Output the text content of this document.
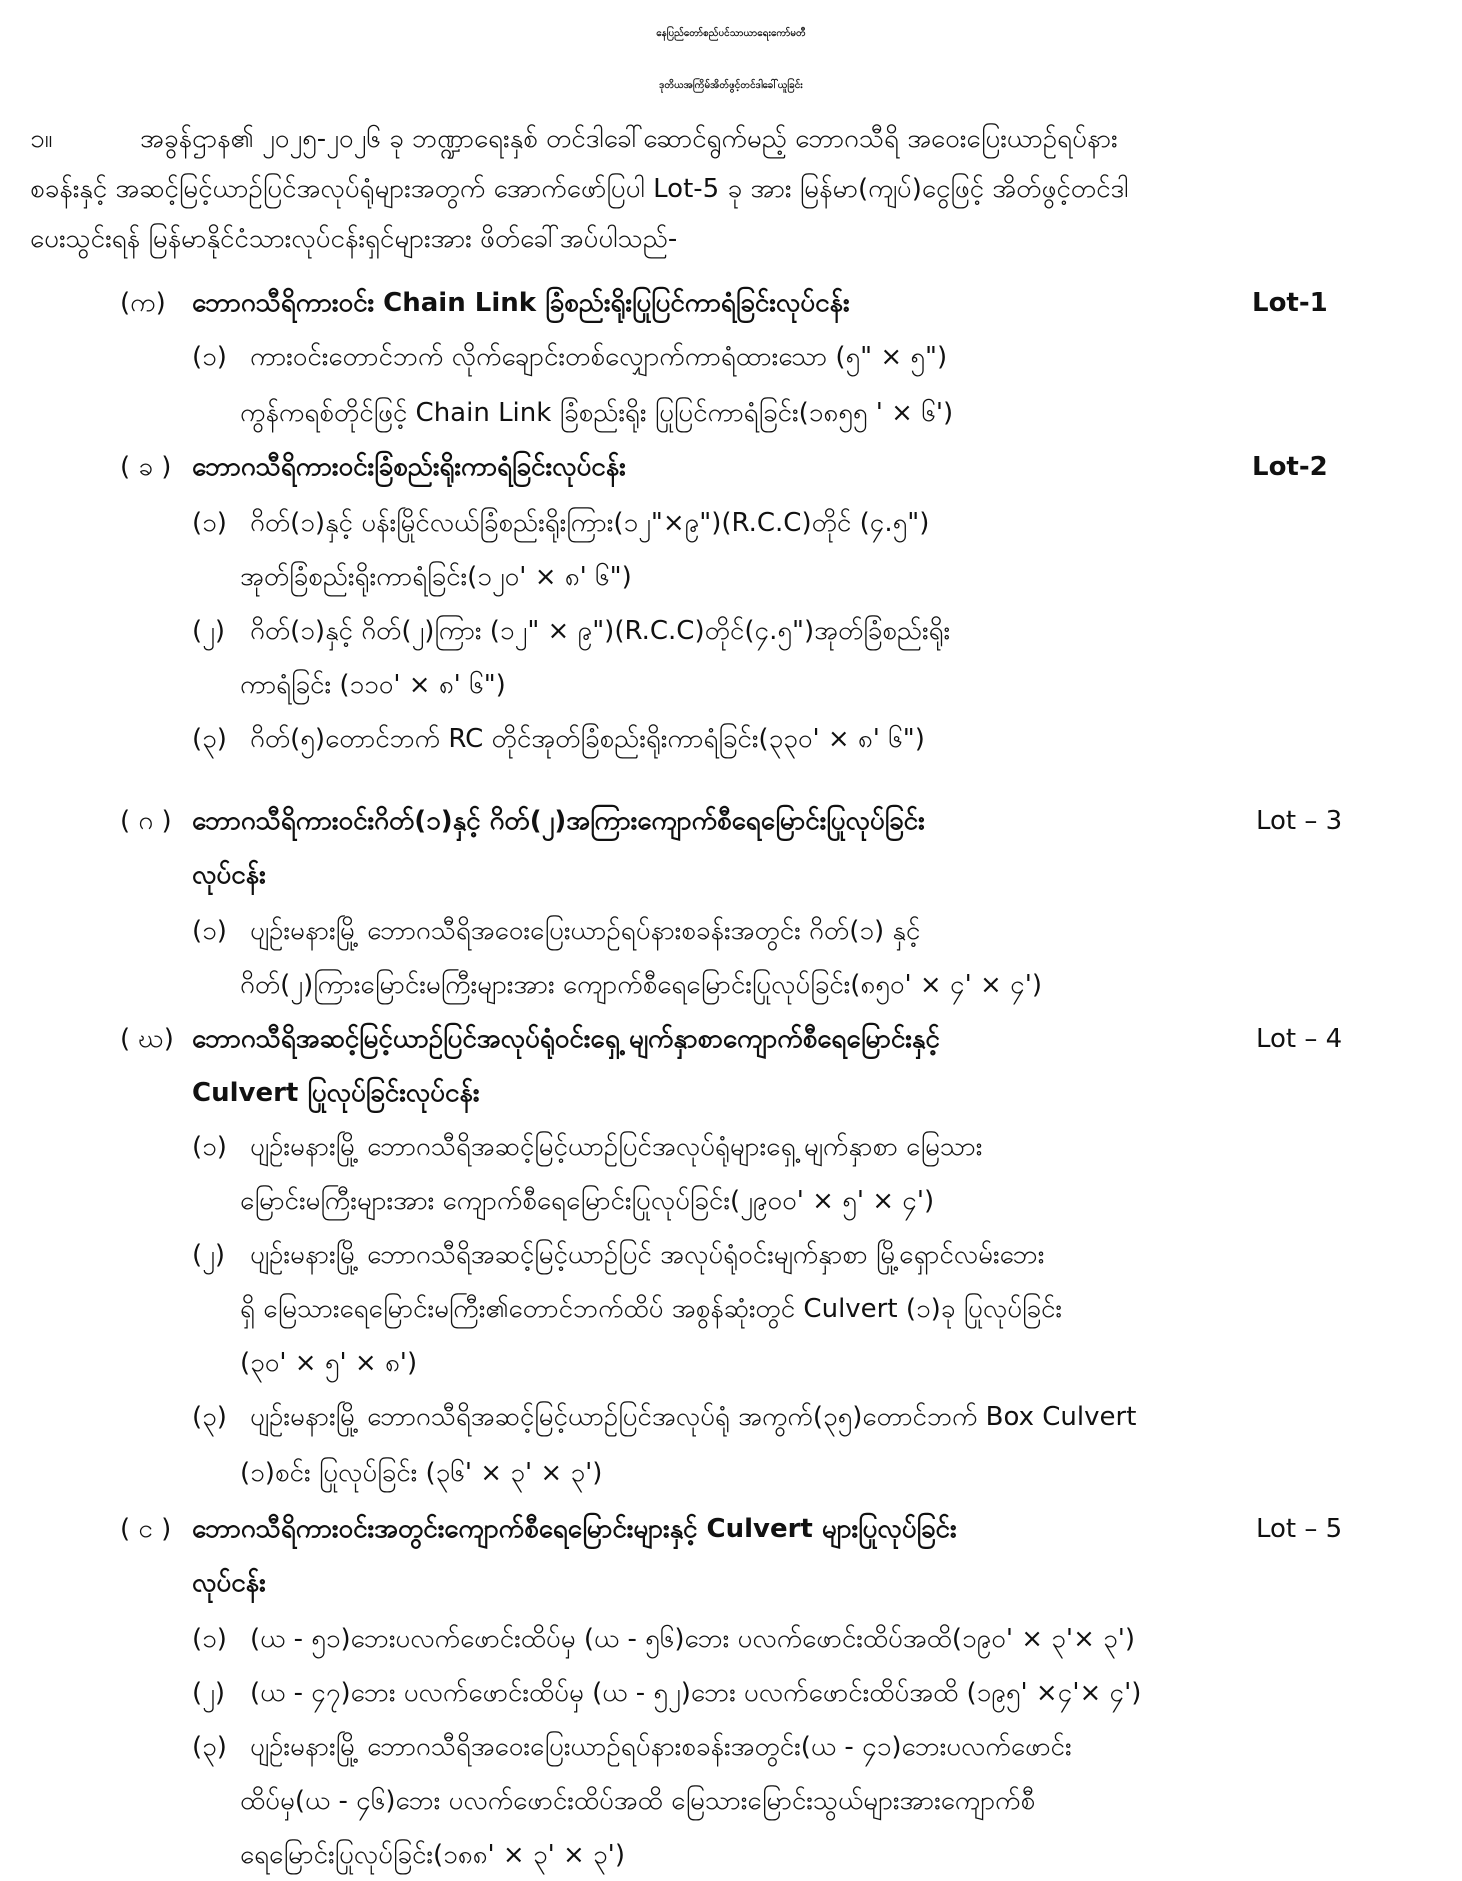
နေပြည်တော်စည်ပင်သာယာရေးကော်မတီ
ဒုတိယအကြိမ်အိတ်ဖွင့်တင်ဒါခေါ်ယူခြင်း
၁။	အခွန်ဌာန၏ ၂၀၂၅-၂၀၂၆ ခု ဘဏ္ဍာရေးနှစ် တင်ဒါခေါ်ဆောင်ရွက်မည့် ဘောဂသီရိ အဝေးပြေးယာဉ်ရပ်နား
စခန်းနှင့် အဆင့်မြင့်ယာဉ်ပြင်အလုပ်ရုံများအတွက် အောက်ဖော်ပြပါ Lot-5 ခု အား မြန်မာ(ကျပ်)ငွေဖြင့် အိတ်ဖွင့်တင်ဒါ
ပေးသွင်းရန် မြန်မာနိုင်ငံသားလုပ်ငန်းရှင်များအား ဖိတ်ခေါ်အပ်ပါသည်-
(က) ဘောဂသီရိကားဝင်း Chain Link ခြံစည်းရိုးပြုပြင်ကာရံခြင်းလုပ်ငန်း	Lot-1
(၁) ကားဝင်းတောင်ဘက် လိုက်ချောင်းတစ်လျှောက်ကာရံထားသော (၅" × ၅")
ကွန်ကရစ်တိုင်ဖြင့် Chain Link ခြံစည်းရိုး ပြုပြင်ကာရံခြင်း(၁၈၅၅ ' × ၆')
( ခ ) ဘောဂသီရိကားဝင်းခြံစည်းရိုးကာရံခြင်းလုပ်ငန်း	Lot-2
(၁) ဂိတ်(၁)နှင့် ပန်းမြိုင်လယ်ခြံစည်းရိုးကြား(၁၂"×၉")(R.C.C)တိုင် (၄.၅")
အုတ်ခြံစည်းရိုးကာရံခြင်း(၁၂၀' × ၈' ၆")
(၂) ဂိတ်(၁)နှင့် ဂိတ်(၂)ကြား (၁၂" × ၉")(R.C.C)တိုင်(၄.၅")အုတ်ခြံစည်းရိုး
ကာရံခြင်း (၁၁၀' × ၈' ၆")
(၃) ဂိတ်(၅)တောင်ဘက် RC တိုင်အုတ်ခြံစည်းရိုးကာရံခြင်း(၃၃၀' × ၈' ၆")
( ဂ ) ဘောဂသီရိကားဝင်းဂိတ်(၁)နှင့် ဂိတ်(၂)အကြားကျောက်စီရေမြောင်းပြုလုပ်ခြင်း	Lot – 3
လုပ်ငန်း
(၁) ပျဉ်းမနားမြို့ ဘောဂသီရိအဝေးပြေးယာဉ်ရပ်နားစခန်းအတွင်း ဂိတ်(၁) နှင့်
ဂိတ်(၂)ကြားမြောင်းမကြီးများအား ကျောက်စီရေမြောင်းပြုလုပ်ခြင်း(၈၅၀' × ၄' × ၄')
( ဃ) ဘောဂသီရိအဆင့်မြင့်ယာဉ်ပြင်အလုပ်ရုံဝင်းရှေ့ မျက်နှာစာကျောက်စီရေမြောင်းနှင့်	Lot – 4
Culvert ပြုလုပ်ခြင်းလုပ်ငန်း
(၁) ပျဉ်းမနားမြို့ ဘောဂသီရိအဆင့်မြင့်ယာဉ်ပြင်အလုပ်ရုံများရှေ့ မျက်နှာစာ မြေသား
မြောင်းမကြီးများအား ကျောက်စီရေမြောင်းပြုလုပ်ခြင်း(၂၉၀၀' × ၅' × ၄')
(၂) ပျဉ်းမနားမြို့ ဘောဂသီရိအဆင့်မြင့်ယာဉ်ပြင် အလုပ်ရုံဝင်းမျက်နှာစာ မြို့ရှောင်လမ်းဘေး
ရှိ မြေသားရေမြောင်းမကြီး၏တောင်ဘက်ထိပ် အစွန်ဆုံးတွင် Culvert (၁)ခု ပြုလုပ်ခြင်း
(၃၀' × ၅' × ၈')
(၃) ပျဉ်းမနားမြို့ ဘောဂသီရိအဆင့်မြင့်ယာဉ်ပြင်အလုပ်ရုံ အကွက်(၃၅)တောင်ဘက် Box Culvert
(၁)စင်း ပြုလုပ်ခြင်း (၃၆' × ၃' × ၃')
( င ) ဘောဂသီရိကားဝင်းအတွင်းကျောက်စီရေမြောင်းများနှင့် Culvert များပြုလုပ်ခြင်း	Lot – 5
လုပ်ငန်း
(၁) (ယ - ၅၁)ဘေးပလက်ဖောင်းထိပ်မှ (ယ - ၅၆)ဘေး ပလက်ဖောင်းထိပ်အထိ(၁၉၀' × ၃'× ၃')
(၂) (ယ - ၄၇)ဘေး ပလက်ဖောင်းထိပ်မှ (ယ - ၅၂)ဘေး ပလက်ဖောင်းထိပ်အထိ (၁၉၅' ×၄'× ၄')
(၃) ပျဉ်းမနားမြို့ ဘောဂသီရိအဝေးပြေးယာဉ်ရပ်နားစခန်းအတွင်း(ယ - ၄၁)ဘေးပလက်ဖောင်း
ထိပ်မှ(ယ - ၄၆)ဘေး ပလက်ဖောင်းထိပ်အထိ မြေသားမြောင်းသွယ်များအားကျောက်စီ
ရေမြောင်းပြုလုပ်ခြင်း(၁၈၈' × ၃' × ၃')
